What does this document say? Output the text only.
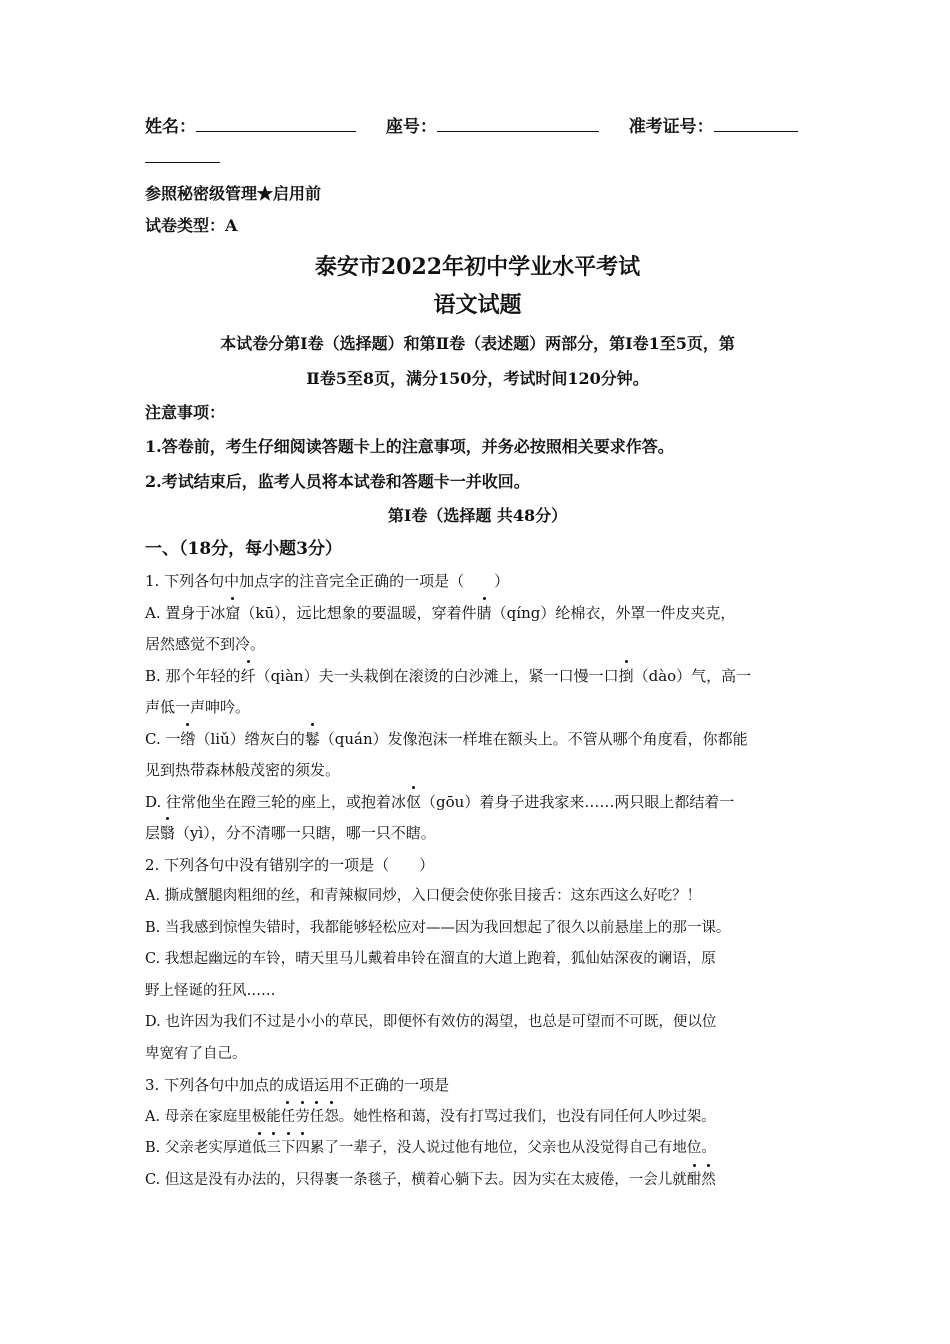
姓名：	座号：	准考证号：
参照秘密级管理★启用前
试卷类型：A
泰安市2022年初中学业水平考试
语文试题
本试卷分第Ⅰ卷（选择题）和第Ⅱ卷（表述题）两部分，第Ⅰ卷1至5页，第
Ⅱ卷5至8页，满分150分，考试时间120分钟。
注意事项：
1.答卷前，考生仔细阅读答题卡上的注意事项，并务必按照相关要求作答。
2.考试结束后，监考人员将本试卷和答题卡一并收回。
第Ⅰ卷（选择题 共48分）
一、（18分，每小题3分）
1. 下列各句中加点字的注音完全正确的一项是（　　）
A. 置身于冰窟（kū），远比想象的要温暖，穿着件腈（qíng）纶棉衣，外罩一件皮夹克，
居然感觉不到冷。
B. 那个年轻的纤（qiàn）夫一头栽倒在滚烫的白沙滩上，紧一口慢一口捯（dào）气，高一
声低一声呻吟。
C. 一绺（liǔ）绺灰白的鬈（quán）发像泡沫一样堆在额头上。不管从哪个角度看，你都能
见到热带森林般茂密的须发。
D. 往常他坐在蹬三轮的座上，或抱着冰伛（gōu）着身子进我家来……两只眼上都结着一
层翳（yì），分不清哪一只瞎，哪一只不瞎。
2. 下列各句中没有错别字的一项是（　　）
A. 撕成蟹腿肉粗细的丝，和青辣椒同炒，入口便会使你张目接舌：这东西这么好吃？！
B. 当我感到惊惶失错时，我都能够轻松应对——因为我回想起了很久以前悬崖上的那一课。
C. 我想起幽远的车铃，晴天里马儿戴着串铃在溜直的大道上跑着，狐仙姑深夜的谰语，原
野上怪诞的狂风……
D. 也许因为我们不过是小小的草民，即便怀有效仿的渴望，也总是可望而不可既，便以位
卑宽宥了自己。
3. 下列各句中加点的成语运用不正确的一项是
A. 母亲在家庭里极能任劳任怨。她性格和蔼，没有打骂过我们，也没有同任何人吵过架。
B. 父亲老实厚道低三下四累了一辈子，没人说过他有地位，父亲也从没觉得自己有地位。
C. 但这是没有办法的，只得裹一条毯子，横着心躺下去。因为实在太疲倦，一会儿就酣然
